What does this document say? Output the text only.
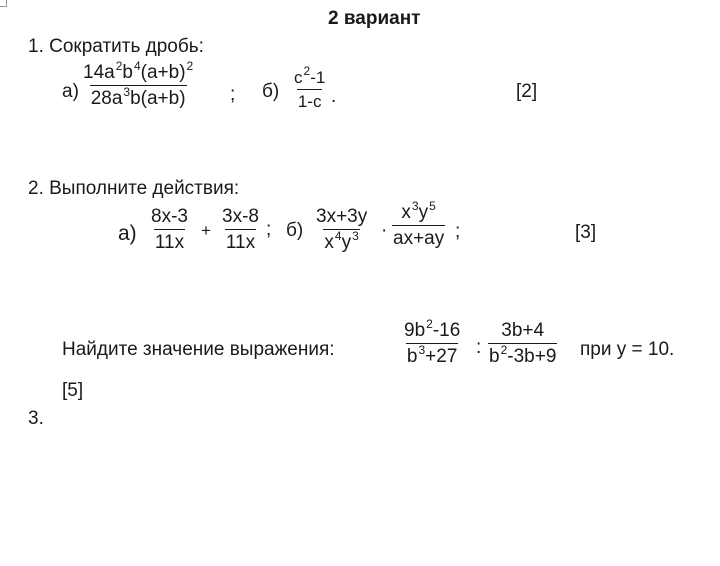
2 вариант
1. Сократить дробь:
$а) \frac{14a^2b^4(a+b)^2}{28a^3b(a+b)}$ ; $б) \frac{c^2-1}{1-c}$ .	[2]
2. Выполните действия:
$а) \frac{8x-3}{11x} + \frac{3x-8}{11x}$ ; $б) \frac{3x+3y}{x^4y^3} \cdot \frac{x^3y^5}{ax+ay}$ ;	[3]
Найдите значение выражения:	$\frac{9b^2-16}{b^3+27}$ : $\frac{3b+4}{b^2-3b+9}$ при y = 10.
[5]
3.
